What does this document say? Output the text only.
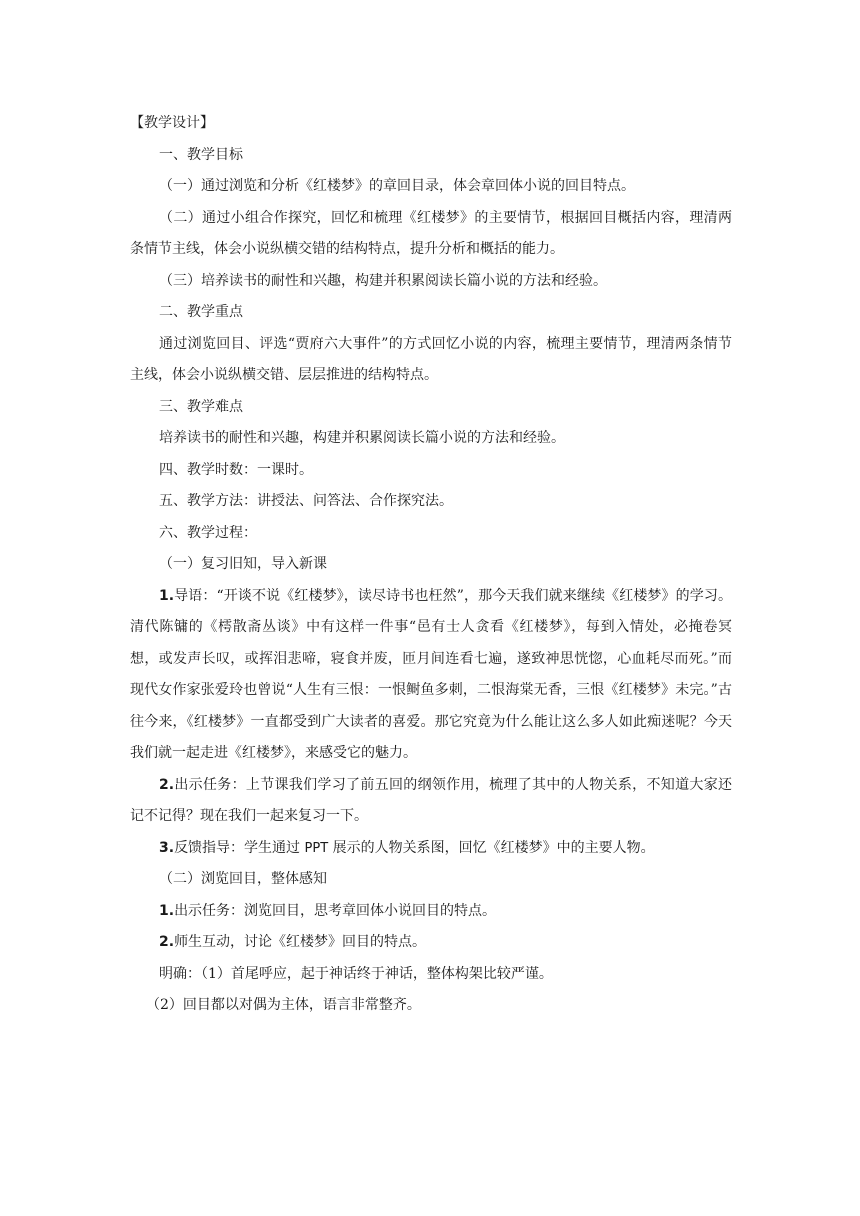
【教学设计】

一、教学目标

（一）通过浏览和分析《红楼梦》的章回目录，体会章回体小说的回目特点。

（二）通过小组合作探究，回忆和梳理《红楼梦》的主要情节，根据回目概括内容，理清两条情节主线，体会小说纵横交错的结构特点，提升分析和概括的能力。

（三）培养读书的耐性和兴趣，构建并积累阅读长篇小说的方法和经验。

二、教学重点

通过浏览回目、评选“贾府六大事件”的方式回忆小说的内容，梳理主要情节，理清两条情节主线，体会小说纵横交错、层层推进的结构特点。

三、教学难点

培养读书的耐性和兴趣，构建并积累阅读长篇小说的方法和经验。

四、教学时数：一课时。

五、教学方法：讲授法、问答法、合作探究法。

六、教学过程：

（一）复习旧知，导入新课

1.导语：“开谈不说《红楼梦》，读尽诗书也枉然”，那今天我们就来继续《红楼梦》的学习。清代陈镛的《樗散斋丛谈》中有这样一件事“邑有士人贪看《红楼梦》，每到入情处，必掩卷冥想，或发声长叹，或挥泪悲啼，寝食并废，匝月间连看七遍，遂致神思恍惚，心血耗尽而死。”而现代女作家张爱玲也曾说“人生有三恨：一恨鲥鱼多刺，二恨海棠无香，三恨《红楼梦》未完。”古往今来，《红楼梦》一直都受到广大读者的喜爱。那它究竟为什么能让这么多人如此痴迷呢？今天我们就一起走进《红楼梦》，来感受它的魅力。

2.出示任务：上节课我们学习了前五回的纲领作用，梳理了其中的人物关系，不知道大家还记不记得？现在我们一起来复习一下。

3.反馈指导：学生通过 PPT 展示的人物关系图，回忆《红楼梦》中的主要人物。

（二）浏览回目，整体感知

1.出示任务：浏览回目，思考章回体小说回目的特点。

2.师生互动，讨论《红楼梦》回目的特点。

明确：（1）首尾呼应，起于神话终于神话，整体构架比较严谨。

（2）回目都以对偶为主体，语言非常整齐。
